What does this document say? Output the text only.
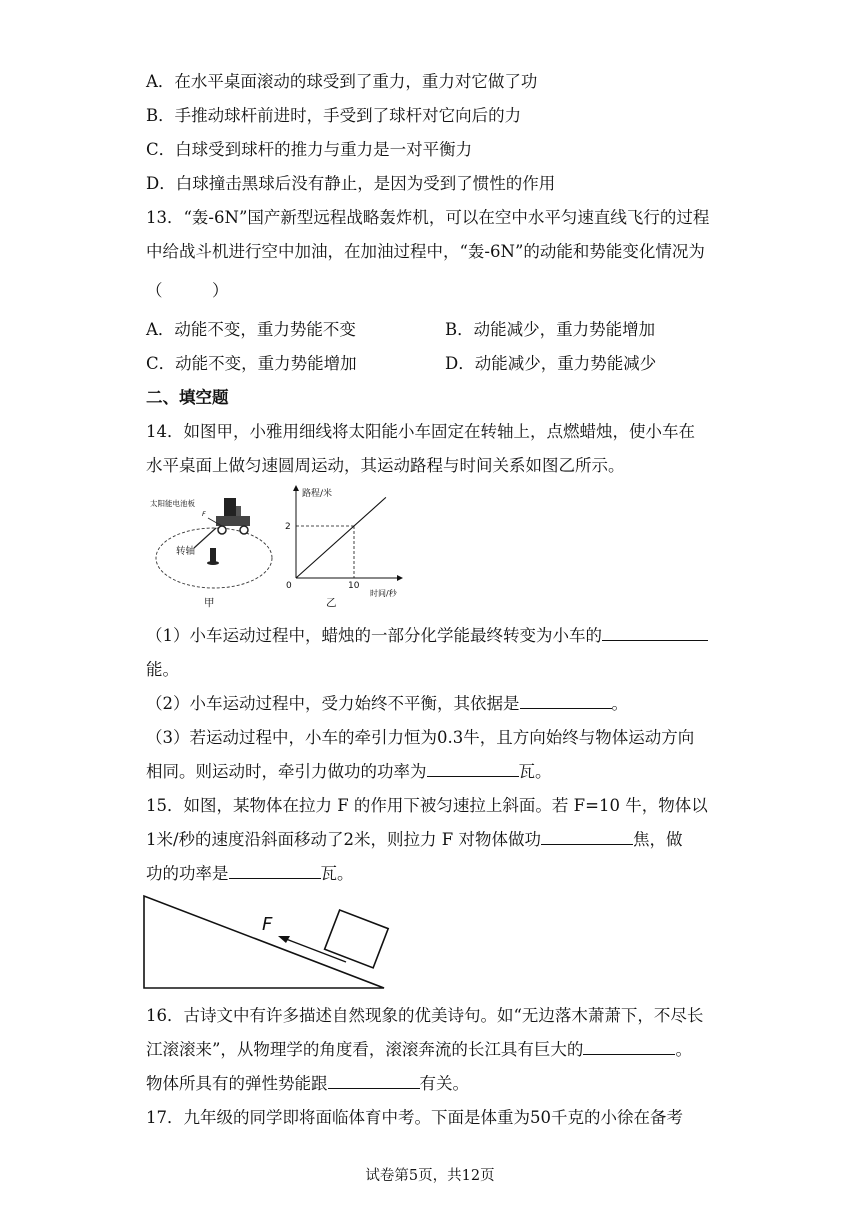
A．在水平桌面滚动的球受到了重力，重力对它做了功
B．手推动球杆前进时，手受到了球杆对它向后的力
C．白球受到球杆的推力与重力是一对平衡力
D．白球撞击黑球后没有静止，是因为受到了惯性的作用
13．“轰-6N”国产新型远程战略轰炸机，可以在空中水平匀速直线飞行的过程
中给战斗机进行空中加油，在加油过程中，“轰-6N”的动能和势能变化情况为
（　　　）
A．动能不变，重力势能不变	B．动能减少，重力势能增加
C．动能不变，重力势能增加	D．动能减少，重力势能减少
二、填空题
14．如图甲，小雅用细线将太阳能小车固定在转轴上，点燃蜡烛，使小车在
水平桌面上做匀速圆周运动，其运动路程与时间关系如图乙所示。
太阳能电池板
F
转轴
甲
路程/米
时间/秒
0
2
10
乙
（1）小车运动过程中，蜡烛的一部分化学能最终转变为小车的
能。
（2）小车运动过程中，受力始终不平衡，其依据是	。
（3）若运动过程中，小车的牵引力恒为0.3牛，且方向始终与物体运动方向
相同。则运动时，牵引力做功的功率为	瓦。
15．如图，某物体在拉力 F 的作用下被匀速拉上斜面。若 F=10 牛，物体以
1米/秒的速度沿斜面移动了2米，则拉力 F 对物体做功	焦，做
功的功率是	瓦。
F
16．古诗文中有许多描述自然现象的优美诗句。如“无边落木萧萧下，不尽长
江滚滚来”，从物理学的角度看，滚滚奔流的长江具有巨大的	。
物体所具有的弹性势能跟	有关。
17．九年级的同学即将面临体育中考。下面是体重为50千克的小徐在备考
试卷第5页，共12页
